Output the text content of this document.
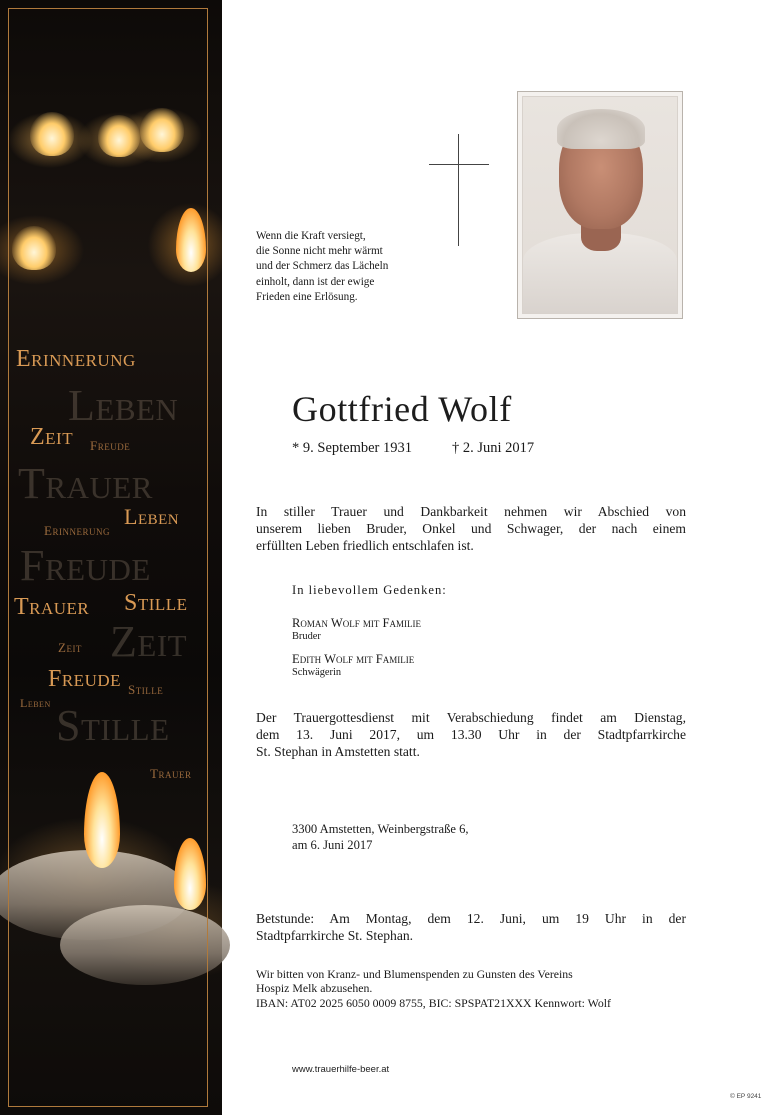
Erinnerung
Leben
Zeit Freude
Trauer
Leben
Erinnerung
Freude
Trauer Stille
Zeit Zeit
Freude Stille
Leben Stille
Trauer
Wenn die Kraft versiegt,
die Sonne nicht mehr wärmt
und der Schmerz das Lächeln
einholt, dann ist der ewige
Frieden eine Erlösung.
Gottfried Wolf
* 9. September 1931	† 2. Juni 2017
In stiller Trauer und Dankbarkeit nehmen wir Abschied von
unserem lieben Bruder, Onkel und Schwager, der nach einem
erfüllten Leben friedlich entschlafen ist.
In liebevollem Gedenken:
Roman Wolf mit Familie
Bruder
Edith Wolf mit Familie
Schwägerin
Der Trauergottesdienst mit Verabschiedung findet am Dienstag,
dem 13. Juni 2017, um 13.30 Uhr in der Stadtpfarrkirche
St. Stephan in Amstetten statt.
3300 Amstetten, Weinbergstraße 6,
am 6. Juni 2017
Betstunde: Am Montag, dem 12. Juni, um 19 Uhr in der
Stadtpfarrkirche St. Stephan.
Wir bitten von Kranz- und Blumenspenden zu Gunsten des Vereins
Hospiz Melk abzusehen.
IBAN: AT02 2025 6050 0009 8755, BIC: SPSPAT21XXX Kennwort: Wolf
www.trauerhilfe-beer.at
© EP 9241
